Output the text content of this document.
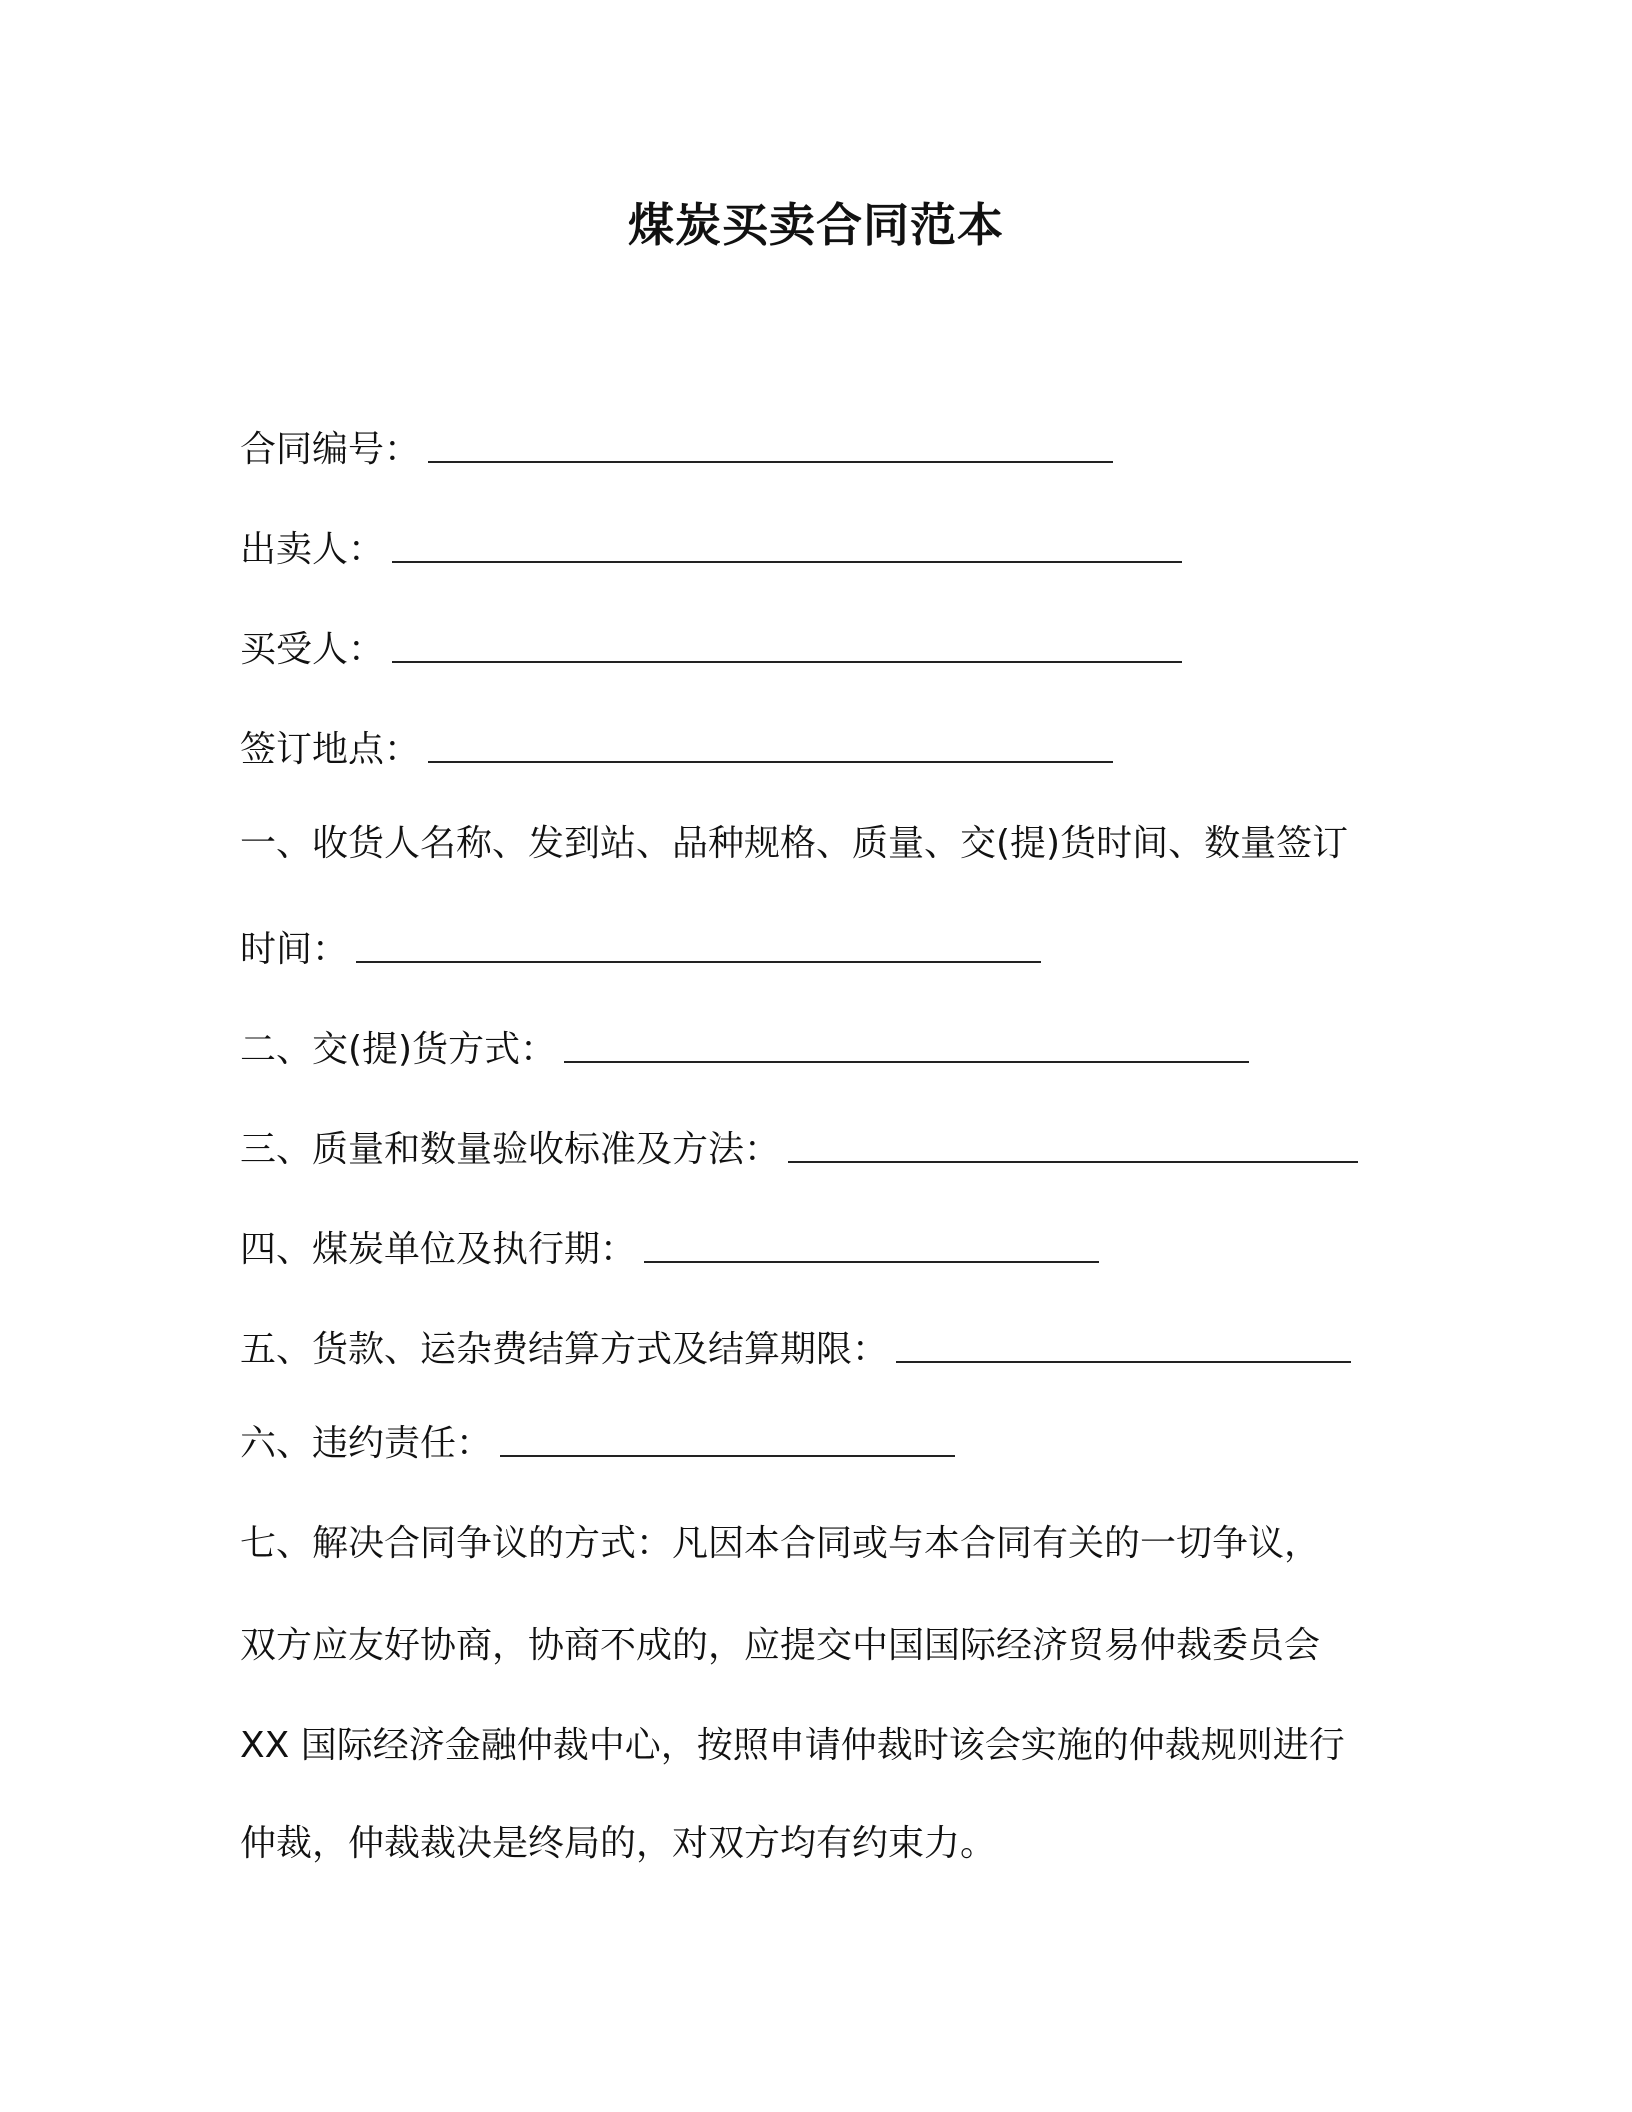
煤炭买卖合同范本
合同编号：
出卖人：
买受人：
签订地点：
一、收货人名称、发到站、品种规格、质量、交(提)货时间、数量签订
时间：
二、交(提)货方式：
三、质量和数量验收标准及方法：
四、煤炭单位及执行期：
五、货款、运杂费结算方式及结算期限：
六、违约责任：
七、解决合同争议的方式：凡因本合同或与本合同有关的一切争议，
双方应友好协商，协商不成的，应提交中国国际经济贸易仲裁委员会
XX 国际经济金融仲裁中心，按照申请仲裁时该会实施的仲裁规则进行
仲裁，仲裁裁决是终局的，对双方均有约束力。
